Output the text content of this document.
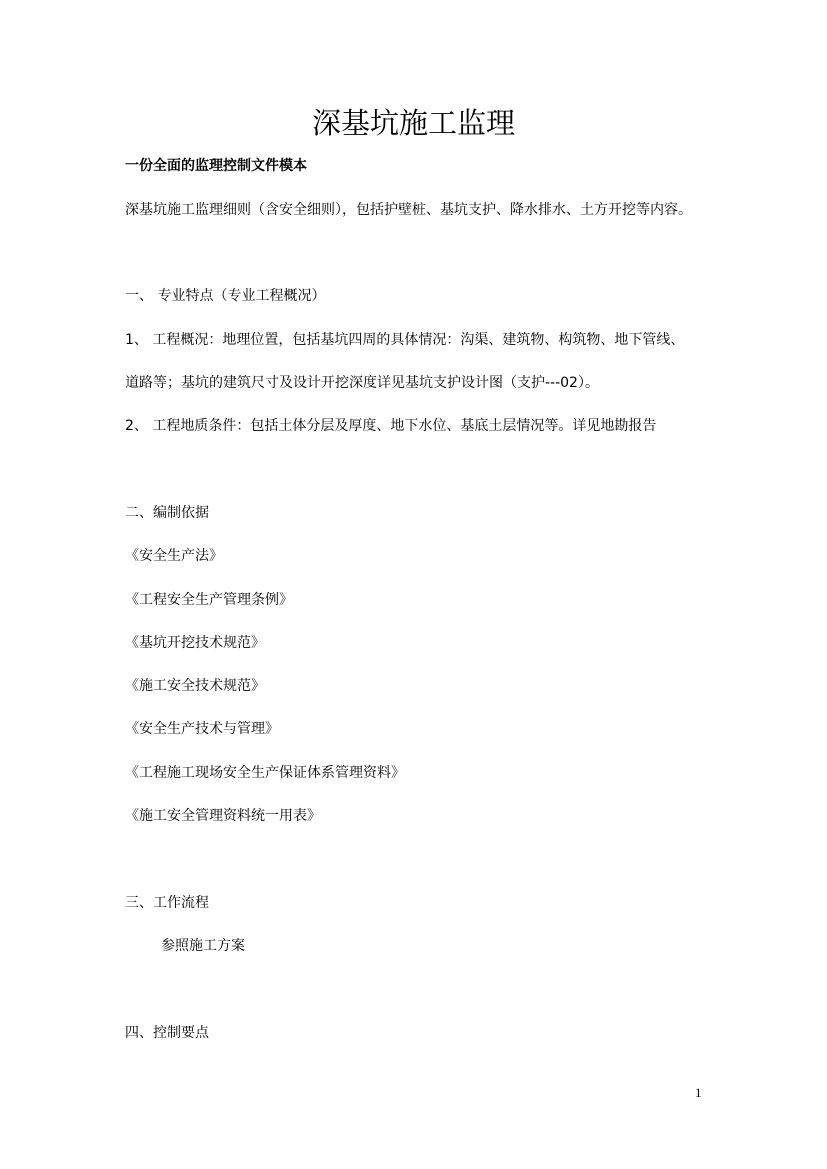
深基坑施工监理
一份全面的监理控制文件模本
深基坑施工监理细则（含安全细则），包括护壁桩、基坑支护、降水排水、土方开挖等内容。
一、 专业特点（专业工程概况）
1、 工程概况：地理位置，包括基坑四周的具体情况：沟渠、建筑物、构筑物、地下管线、
道路等；基坑的建筑尺寸及设计开挖深度详见基坑支护设计图（支护---02）。
2、 工程地质条件：包括土体分层及厚度、地下水位、基底土层情况等。详见地勘报告
二、编制依据
《安全生产法》
《工程安全生产管理条例》
《基坑开挖技术规范》
《施工安全技术规范》
《安全生产技术与管理》
《工程施工现场安全生产保证体系管理资料》
《施工安全管理资料统一用表》
三、工作流程
参照施工方案
四、控制要点
1
